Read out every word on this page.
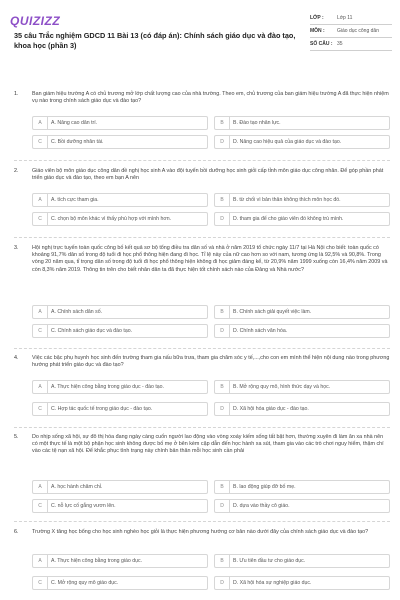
QUIZIZZ
35 câu Trắc nghiệm GDCD 11 Bài 13 (có đáp án): Chính sách giáo dục và đào tạo, khoa học (phần 3)
LỚP :	Lớp 11
MÔN :	Giáo dục công dân
SỐ CÂU : 35
1.	Ban giám hiệu trường A có chủ trương mở lớp chất lượng cao của nhà trường. Theo em, chủ trương của ban giám hiệu trường A đã thực hiện nhiệm vụ nào trong chính sách giáo dục và đào tạo?
A	A. Nâng cao dân trí.	B	B. Đào tạo nhân lực.
C	C. Bồi dưỡng nhân tài.	D	D. Nâng cao hiệu quả của giáo dục và đào tạo.
2.	Giáo viên bộ môn giáo dục công dân đề nghị học sinh A vào đội tuyển bồi dưỡng học sinh giỏi cấp tỉnh môn giáo dục công nhân. Để góp phần phát triển giáo dục và đào tạo, theo em bạn A nên
A	A. tích cực tham gia.	B	B. từ chối vì bản thân không thích môn học đó.
C	C. chọn bộ môn khác vì thấy phù hợp với mình hơn.	D	D. tham gia để cho giáo viên đó không trù mình.
3.	Hội nghị trực tuyến toàn quốc công bố kết quả sơ bộ tổng điều tra dân số và nhà ở năm 2019 tổ chức ngày 11/7 tại Hà Nội cho biết: toàn quốc có khoảng 91,7% dân số trong độ tuổi đi học phổ thông hiện đang đi học. Tỉ lệ này của nữ cao hơn so với nam, tương ứng là 92,5% và 90,8%. Trong vòng 20 năm qua, tỉ trọng dân số trong độ tuổi đi học phổ thông hiện không đi học giảm đáng kể, từ 20,9% năm 1999 xuống còn 16,4% năm 2009 và còn 8,3% năm 2019. Thông tin trên cho biết nhân dân ta đã thực hiện tốt chính sách nào của Đảng và Nhà nước?
A	A. Chính sách dân số.	B	B. Chính sách giải quyết việc làm.
C	C. Chính sách giáo dục và đào tạo.	D	D. Chính sách văn hóa.
4.	Việc các bậc phụ huynh học sinh đến trường tham gia nấu bữa trưa, tham gia chăm sóc y tế,...,cho con em mình thể hiện nội dung nào trong phương hướng phát triển giáo dục và đào tạo?
A	A. Thực hiện công bằng trong giáo dục - đào tạo.	B	B. Mở rộng quy mô, hình thức dạy và học.
C	C. Hợp tác quốc tế trong giáo dục - đào tạo.	D	D. Xã hội hóa giáo dục - đào tạo.
5.	Do nhịp sống xã hội, sự đô thị hóa đang ngày càng cuốn người lao động vào vòng xoáy kiếm sống tất bật hơn, thường xuyên đi làm ăn xa nhà nên có một thực tế là một bộ phận học sinh không được bố mẹ ở bên kèm cặp dẫn đến học hành xa sút, tham gia vào các trò chơi nguy hiểm, thậm chí vào các tệ nạn xã hội. Để khắc phục tình trạng này chính bản thân mỗi học sinh cần phải
A	A. học hành chăm chỉ.	B	B. lao động giúp đỡ bố mẹ.
C	C. nỗ lực cố gắng vươn lên.	D	D. dựa vào thầy cô giáo.
6.	Trường X tăng học bổng cho học sinh nghèo học giỏi là thực hiện phương hướng cơ bản nào dưới đây của chính sách giáo dục và đào tạo?
A	A. Thực hiện công bằng trong giáo dục.	B	B. Ưu tiên đầu tư cho giáo dục.
C	C. Mở rộng quy mô giáo dục.	D	D. Xã hội hóa sự nghiệp giáo dục.
